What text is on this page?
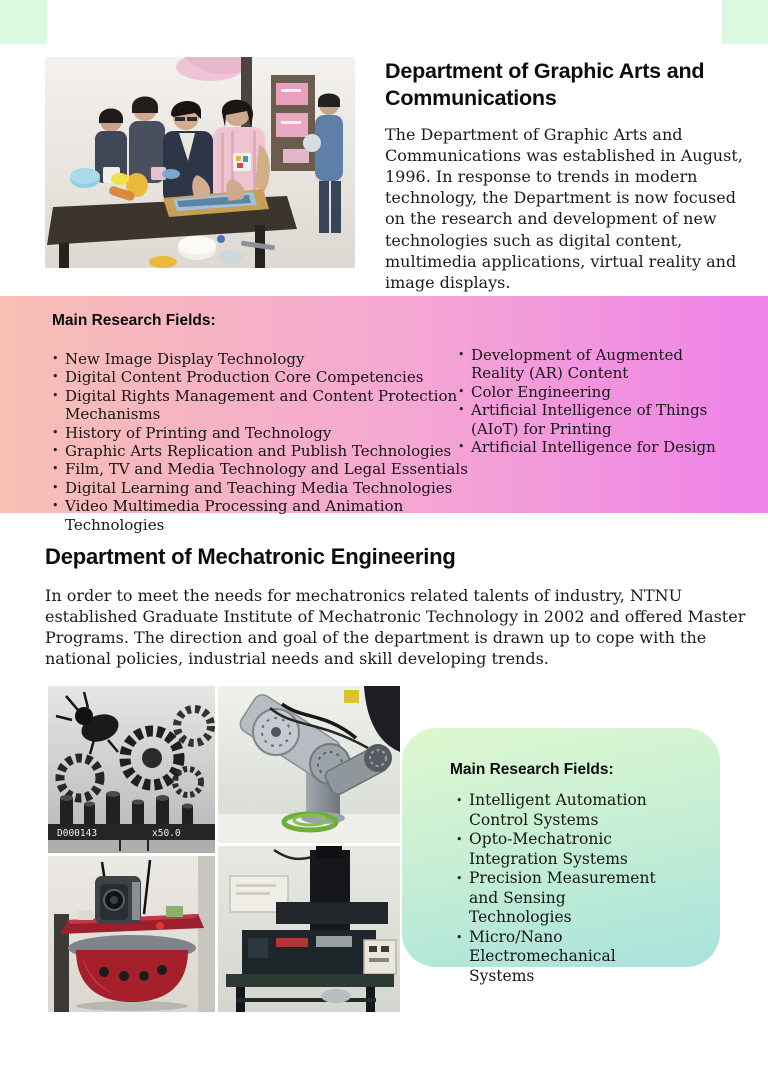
Department of Graphic Arts and Communications
The Department of Graphic Arts and Communications was established in August, 1996. In response to trends in modern technology, the Department is now focused on the research and development of new technologies such as digital content, multimedia applications, virtual reality and image displays.
Main Research Fields:
• New Image Display Technology
• Digital Content Production Core Competencies
• Digital Rights Management and Content Protection Mechanisms
• History of Printing and Technology
• Graphic Arts Replication and Publish Technologies
• Film, TV and Media Technology and Legal Essentials
• Digital Learning and Teaching Media Technologies
• Video Multimedia Processing and Animation Technologies
• Development of Augmented Reality (AR) Content
• Color Engineering
• Artificial Intelligence of Things (AIoT) for Printing
• Artificial Intelligence for Design
Department of Mechatronic Engineering
In order to meet the needs for mechatronics related talents of industry, NTNU established Graduate Institute of Mechatronic Technology in 2002 and offered Master Programs. The direction and goal of the department is drawn up to cope with the national policies, industrial needs and skill developing trends.
Main Research Fields:
• Intelligent Automation Control Systems
• Opto-Mechatronic Integration Systems
• Precision Measurement and Sensing Technologies
• Micro/Nano Electromechanical Systems
D000143	x50.0
